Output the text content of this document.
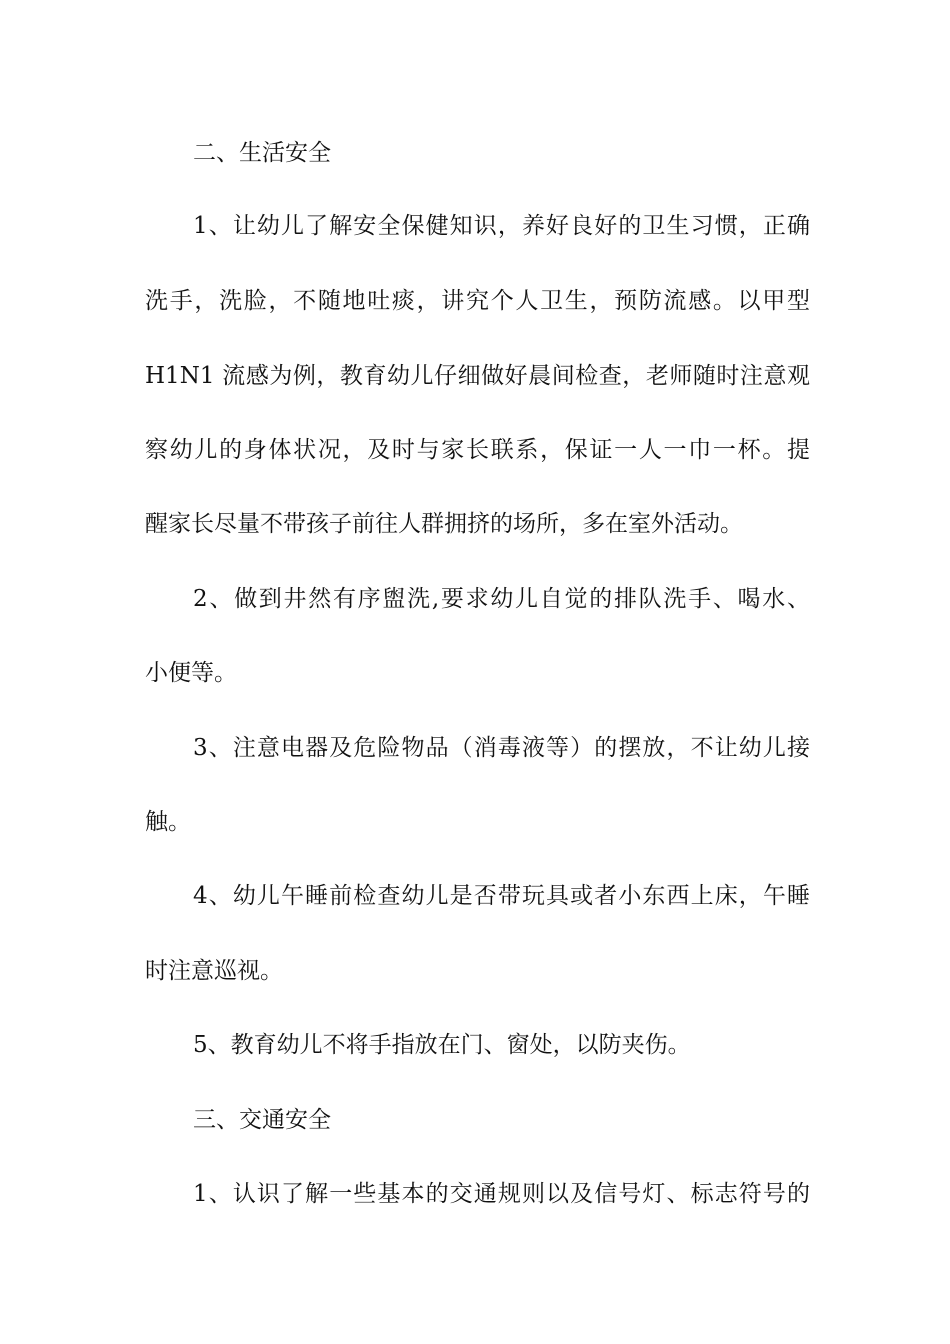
二、生活安全
1、让幼儿了解安全保健知识，养好良好的卫生习惯，正确
洗手，洗脸，不随地吐痰，讲究个人卫生，预防流感。以甲型
H1N1 流感为例，教育幼儿仔细做好晨间检查，老师随时注意观
察幼儿的身体状况，及时与家长联系，保证一人一巾一杯。提
醒家长尽量不带孩子前往人群拥挤的场所，多在室外活动。
2、做到井然有序盥洗,要求幼儿自觉的排队洗手、喝水、
小便等。
3、注意电器及危险物品（消毒液等）的摆放，不让幼儿接
触。
4、幼儿午睡前检查幼儿是否带玩具或者小东西上床，午睡
时注意巡视。
5、教育幼儿不将手指放在门、窗处，以防夹伤。
三、交通安全
1、认识了解一些基本的交通规则以及信号灯、标志符号的
